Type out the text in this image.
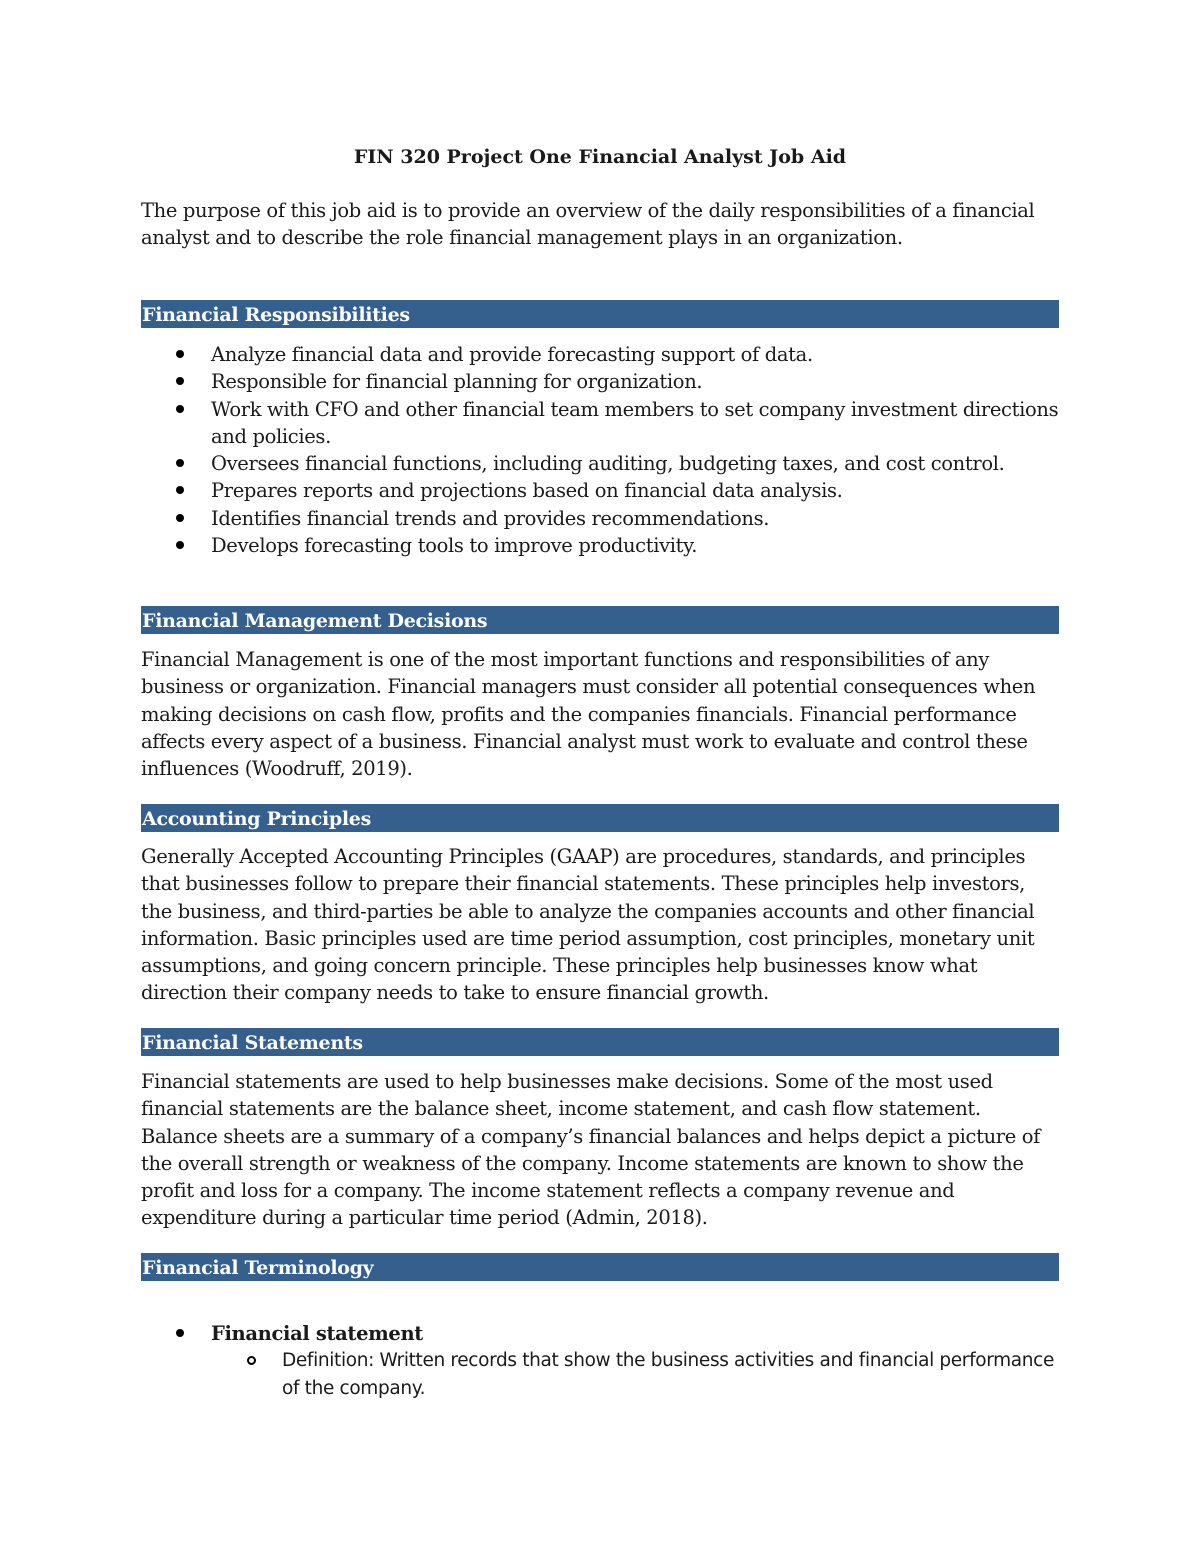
FIN 320 Project One Financial Analyst Job Aid

The purpose of this job aid is to provide an overview of the daily responsibilities of a financial analyst and to describe the role financial management plays in an organization.

Financial Responsibilities
Analyze financial data and provide forecasting support of data.
Responsible for financial planning for organization.
Work with CFO and other financial team members to set company investment directions and policies.
Oversees financial functions, including auditing, budgeting taxes, and cost control.
Prepares reports and projections based on financial data analysis.
Identifies financial trends and provides recommendations.
Develops forecasting tools to improve productivity.
Financial Management Decisions

Financial Management is one of the most important functions and responsibilities of any business or organization. Financial managers must consider all potential consequences when making decisions on cash flow, profits and the companies financials. Financial performance affects every aspect of a business. Financial analyst must work to evaluate and control these influences (Woodruff, 2019).

Accounting Principles

Generally Accepted Accounting Principles (GAAP) are procedures, standards, and principles that businesses follow to prepare their financial statements. These principles help investors, the business, and third-parties be able to analyze the companies accounts and other financial information. Basic principles used are time period assumption, cost principles, monetary unit assumptions, and going concern principle. These principles help businesses know what direction their company needs to take to ensure financial growth.

Financial Statements

Financial statements are used to help businesses make decisions. Some of the most used financial statements are the balance sheet, income statement, and cash flow statement. Balance sheets are a summary of a company’s financial balances and helps depict a picture of the overall strength or weakness of the company. Income statements are known to show the profit and loss for a company. The income statement reflects a company revenue and expenditure during a particular time period (Admin, 2018).

Financial Terminology
Financial statement
Definition: Written records that show the business activities and financial performance of the company.
